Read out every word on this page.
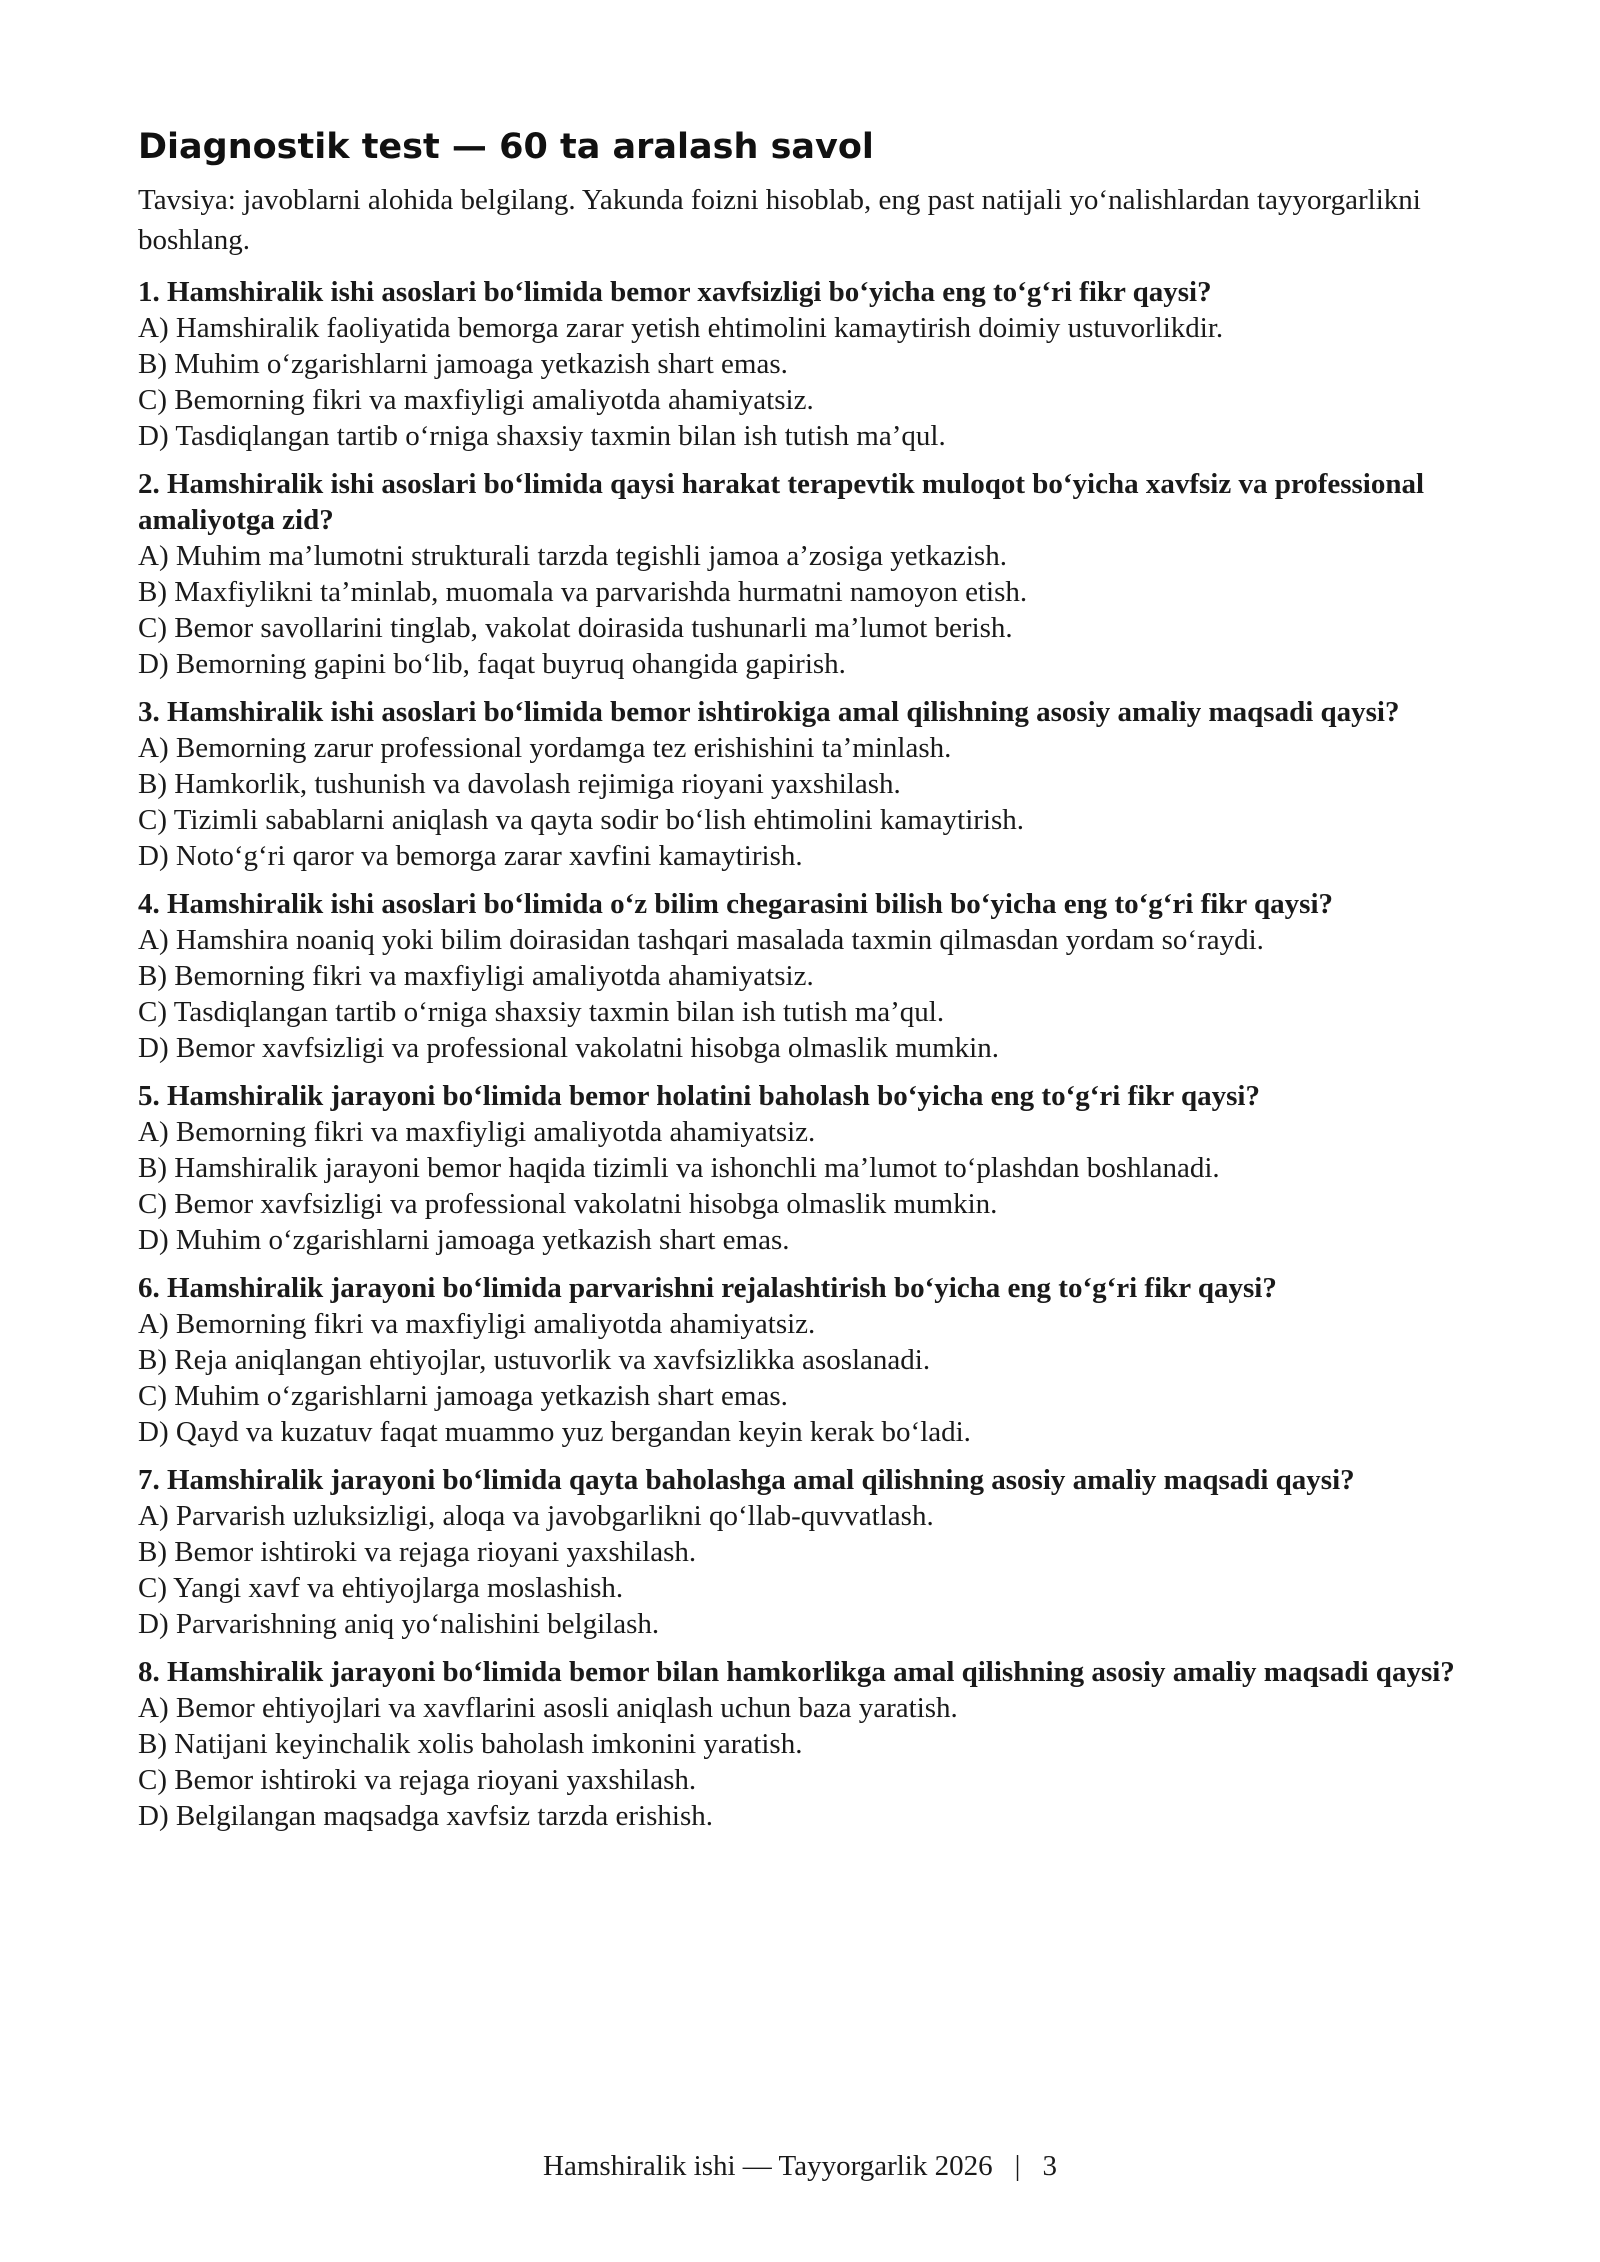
Diagnostik test — 60 ta aralash savol

Tavsiya: javoblarni alohida belgilang. Yakunda foizni hisoblab, eng past natijali yo‘nalishlardan tayyorgarlikni boshlang.

1. Hamshiralik ishi asoslari bo‘limida bemor xavfsizligi bo‘yicha eng to‘g‘ri fikr qaysi?
A) Hamshiralik faoliyatida bemorga zarar yetish ehtimolini kamaytirish doimiy ustuvorlikdir.
B) Muhim o‘zgarishlarni jamoaga yetkazish shart emas.
C) Bemorning fikri va maxfiyligi amaliyotda ahamiyatsiz.
D) Tasdiqlangan tartib o‘rniga shaxsiy taxmin bilan ish tutish ma’qul.
2. Hamshiralik ishi asoslari bo‘limida qaysi harakat terapevtik muloqot bo‘yicha xavfsiz va professional amaliyotga zid?
A) Muhim ma’lumotni strukturali tarzda tegishli jamoa a’zosiga yetkazish.
B) Maxfiylikni ta’minlab, muomala va parvarishda hurmatni namoyon etish.
C) Bemor savollarini tinglab, vakolat doirasida tushunarli ma’lumot berish.
D) Bemorning gapini bo‘lib, faqat buyruq ohangida gapirish.
3. Hamshiralik ishi asoslari bo‘limida bemor ishtirokiga amal qilishning asosiy amaliy maqsadi qaysi?
A) Bemorning zarur professional yordamga tez erishishini ta’minlash.
B) Hamkorlik, tushunish va davolash rejimiga rioyani yaxshilash.
C) Tizimli sabablarni aniqlash va qayta sodir bo‘lish ehtimolini kamaytirish.
D) Noto‘g‘ri qaror va bemorga zarar xavfini kamaytirish.
4. Hamshiralik ishi asoslari bo‘limida o‘z bilim chegarasini bilish bo‘yicha eng to‘g‘ri fikr qaysi?
A) Hamshira noaniq yoki bilim doirasidan tashqari masalada taxmin qilmasdan yordam so‘raydi.
B) Bemorning fikri va maxfiyligi amaliyotda ahamiyatsiz.
C) Tasdiqlangan tartib o‘rniga shaxsiy taxmin bilan ish tutish ma’qul.
D) Bemor xavfsizligi va professional vakolatni hisobga olmaslik mumkin.
5. Hamshiralik jarayoni bo‘limida bemor holatini baholash bo‘yicha eng to‘g‘ri fikr qaysi?
A) Bemorning fikri va maxfiyligi amaliyotda ahamiyatsiz.
B) Hamshiralik jarayoni bemor haqida tizimli va ishonchli ma’lumot to‘plashdan boshlanadi.
C) Bemor xavfsizligi va professional vakolatni hisobga olmaslik mumkin.
D) Muhim o‘zgarishlarni jamoaga yetkazish shart emas.
6. Hamshiralik jarayoni bo‘limida parvarishni rejalashtirish bo‘yicha eng to‘g‘ri fikr qaysi?
A) Bemorning fikri va maxfiyligi amaliyotda ahamiyatsiz.
B) Reja aniqlangan ehtiyojlar, ustuvorlik va xavfsizlikka asoslanadi.
C) Muhim o‘zgarishlarni jamoaga yetkazish shart emas.
D) Qayd va kuzatuv faqat muammo yuz bergandan keyin kerak bo‘ladi.
7. Hamshiralik jarayoni bo‘limida qayta baholashga amal qilishning asosiy amaliy maqsadi qaysi?
A) Parvarish uzluksizligi, aloqa va javobgarlikni qo‘llab-quvvatlash.
B) Bemor ishtiroki va rejaga rioyani yaxshilash.
C) Yangi xavf va ehtiyojlarga moslashish.
D) Parvarishning aniq yo‘nalishini belgilash.
8. Hamshiralik jarayoni bo‘limida bemor bilan hamkorlikga amal qilishning asosiy amaliy maqsadi qaysi?
A) Bemor ehtiyojlari va xavflarini asosli aniqlash uchun baza yaratish.
B) Natijani keyinchalik xolis baholash imkonini yaratish.
C) Bemor ishtiroki va rejaga rioyani yaxshilash.
D) Belgilangan maqsadga xavfsiz tarzda erishish.
Hamshiralik ishi — Tayyorgarlik 2026 | 3
